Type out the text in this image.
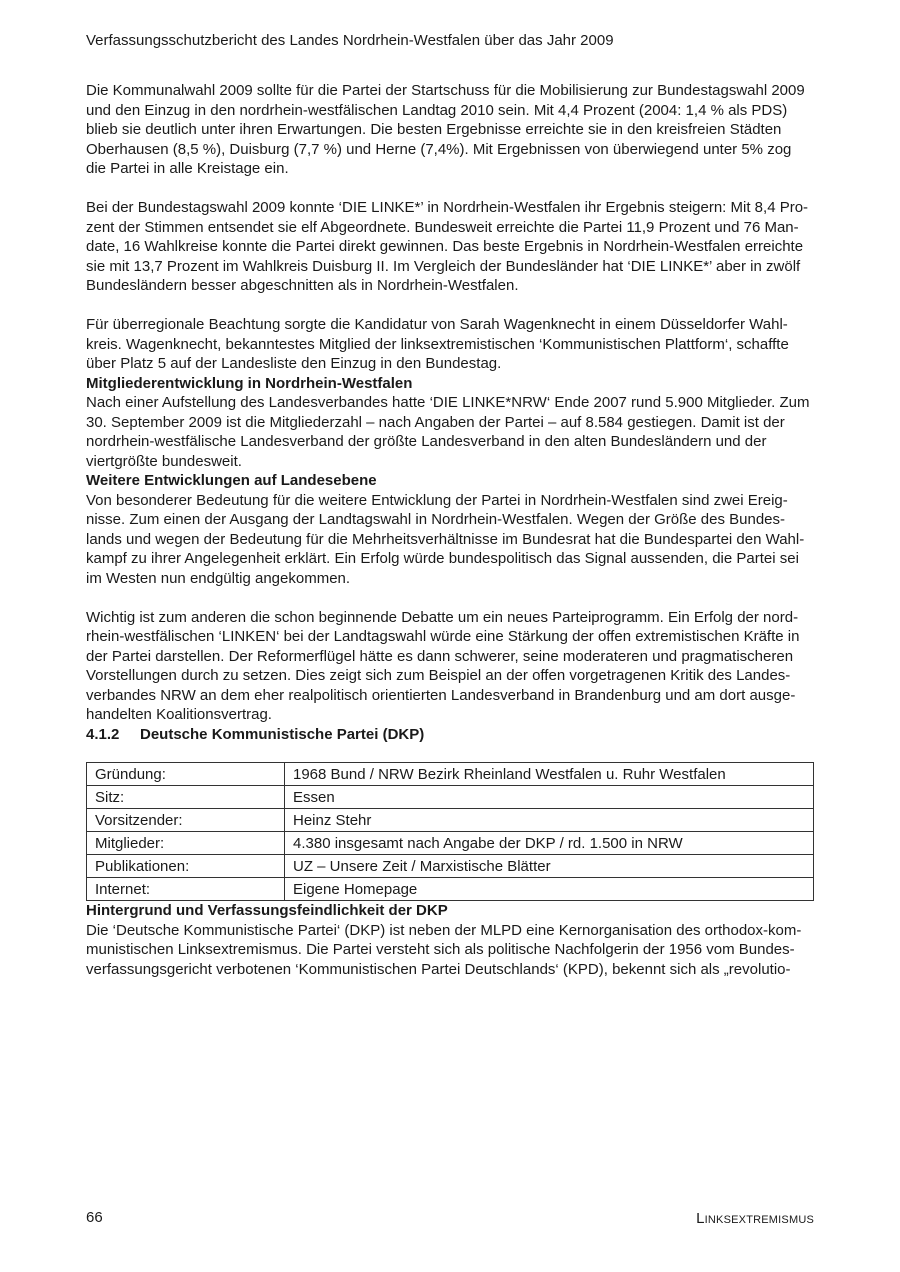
Verfassungsschutzbericht des Landes Nordrhein-Westfalen über das Jahr 2009

Die Kommunalwahl 2009 sollte für die Partei der Startschuss für die Mobilisierung zur Bundestagswahl 2009 und den Einzug in den nordrhein-westfälischen Landtag 2010 sein. Mit 4,4 Prozent (2004: 1,4 % als PDS) blieb sie deutlich unter ihren Erwartungen. Die besten Ergebnisse erreichte sie in den kreisfreien Städten Oberhausen (8,5 %), Duisburg (7,7 %) und Herne (7,4%). Mit Ergebnissen von überwiegend unter 5% zog die Partei in alle Kreistage ein.

Bei der Bundestagswahl 2009 konnte ‘DIE LINKE*’ in Nordrhein-Westfalen ihr Ergebnis steigern: Mit 8,4 Prozent der Stimmen entsendet sie elf Abgeordnete. Bundesweit erreichte die Partei 11,9 Prozent und 76 Mandate, 16 Wahlkreise konnte die Partei direkt gewinnen. Das beste Ergebnis in Nordrhein-Westfalen erreichte sie mit 13,7 Prozent im Wahlkreis Duisburg II. Im Vergleich der Bundesländer hat ‘DIE LINKE*’ aber in zwölf Bundesländern besser abgeschnitten als in Nordrhein-Westfalen.

Für überregionale Beachtung sorgte die Kandidatur von Sarah Wagenknecht in einem Düsseldorfer Wahlkreis. Wagenknecht, bekanntestes Mitglied der linksextremistischen ‘Kommunistischen Plattform‘, schaffte über Platz 5 auf der Landesliste den Einzug in den Bundestag.

Mitgliederentwicklung in Nordrhein-Westfalen

Nach einer Aufstellung des Landesverbandes hatte ‘DIE LINKE*NRW‘ Ende 2007 rund 5.900 Mitglieder. Zum 30. September 2009 ist die Mitgliederzahl – nach Angaben der Partei – auf 8.584 gestiegen. Damit ist der nordrhein-westfälische Landesverband der größte Landesverband in den alten Bundesländern und der viertgrößte bundesweit.

Weitere Entwicklungen auf Landesebene

Von besonderer Bedeutung für die weitere Entwicklung der Partei in Nordrhein-Westfalen sind zwei Ereignisse. Zum einen der Ausgang der Landtagswahl in Nordrhein-Westfalen. Wegen der Größe des Bundeslands und wegen der Bedeutung für die Mehrheitsverhältnisse im Bundesrat hat die Bundespartei den Wahlkampf zu ihrer Angelegenheit erklärt. Ein Erfolg würde bundespolitisch das Signal aussenden, die Partei sei im Westen nun endgültig angekommen.

Wichtig ist zum anderen die schon beginnende Debatte um ein neues Parteiprogramm. Ein Erfolg der nordrhein-westfälischen ‘LINKEN‘ bei der Landtagswahl würde eine Stärkung der offen extremistischen Kräfte in der Partei darstellen. Der Reformerflügel hätte es dann schwerer, seine moderateren und pragmatischeren Vorstellungen durch zu setzen. Dies zeigt sich zum Beispiel an der offen vorgetragenen Kritik des Landesverbandes NRW an dem eher realpolitisch orientierten Landesverband in Brandenburg und am dort ausgehandelten Koalitionsvertrag.

4.1.2 Deutsche Kommunistische Partei (DKP)
Gründung:	1968 Bund / NRW Bezirk Rheinland Westfalen u. Ruhr Westfalen
Sitz:	Essen
Vorsitzender:	Heinz Stehr
Mitglieder:	4.380 insgesamt nach Angabe der DKP / rd. 1.500 in NRW
Publikationen:	UZ – Unsere Zeit / Marxistische Blätter
Internet:	Eigene Homepage
Hintergrund und Verfassungsfeindlichkeit der DKP

Die ‘Deutsche Kommunistische Partei‘ (DKP) ist neben der MLPD eine Kernorganisation des orthodox-kommunistischen Linksextremismus. Die Partei versteht sich als politische Nachfolgerin der 1956 vom Bundesverfassungsgericht verbotenen ‘Kommunistischen Partei Deutschlands‘ (KPD), bekennt sich als „revolutio-

66	Linksextremismus
